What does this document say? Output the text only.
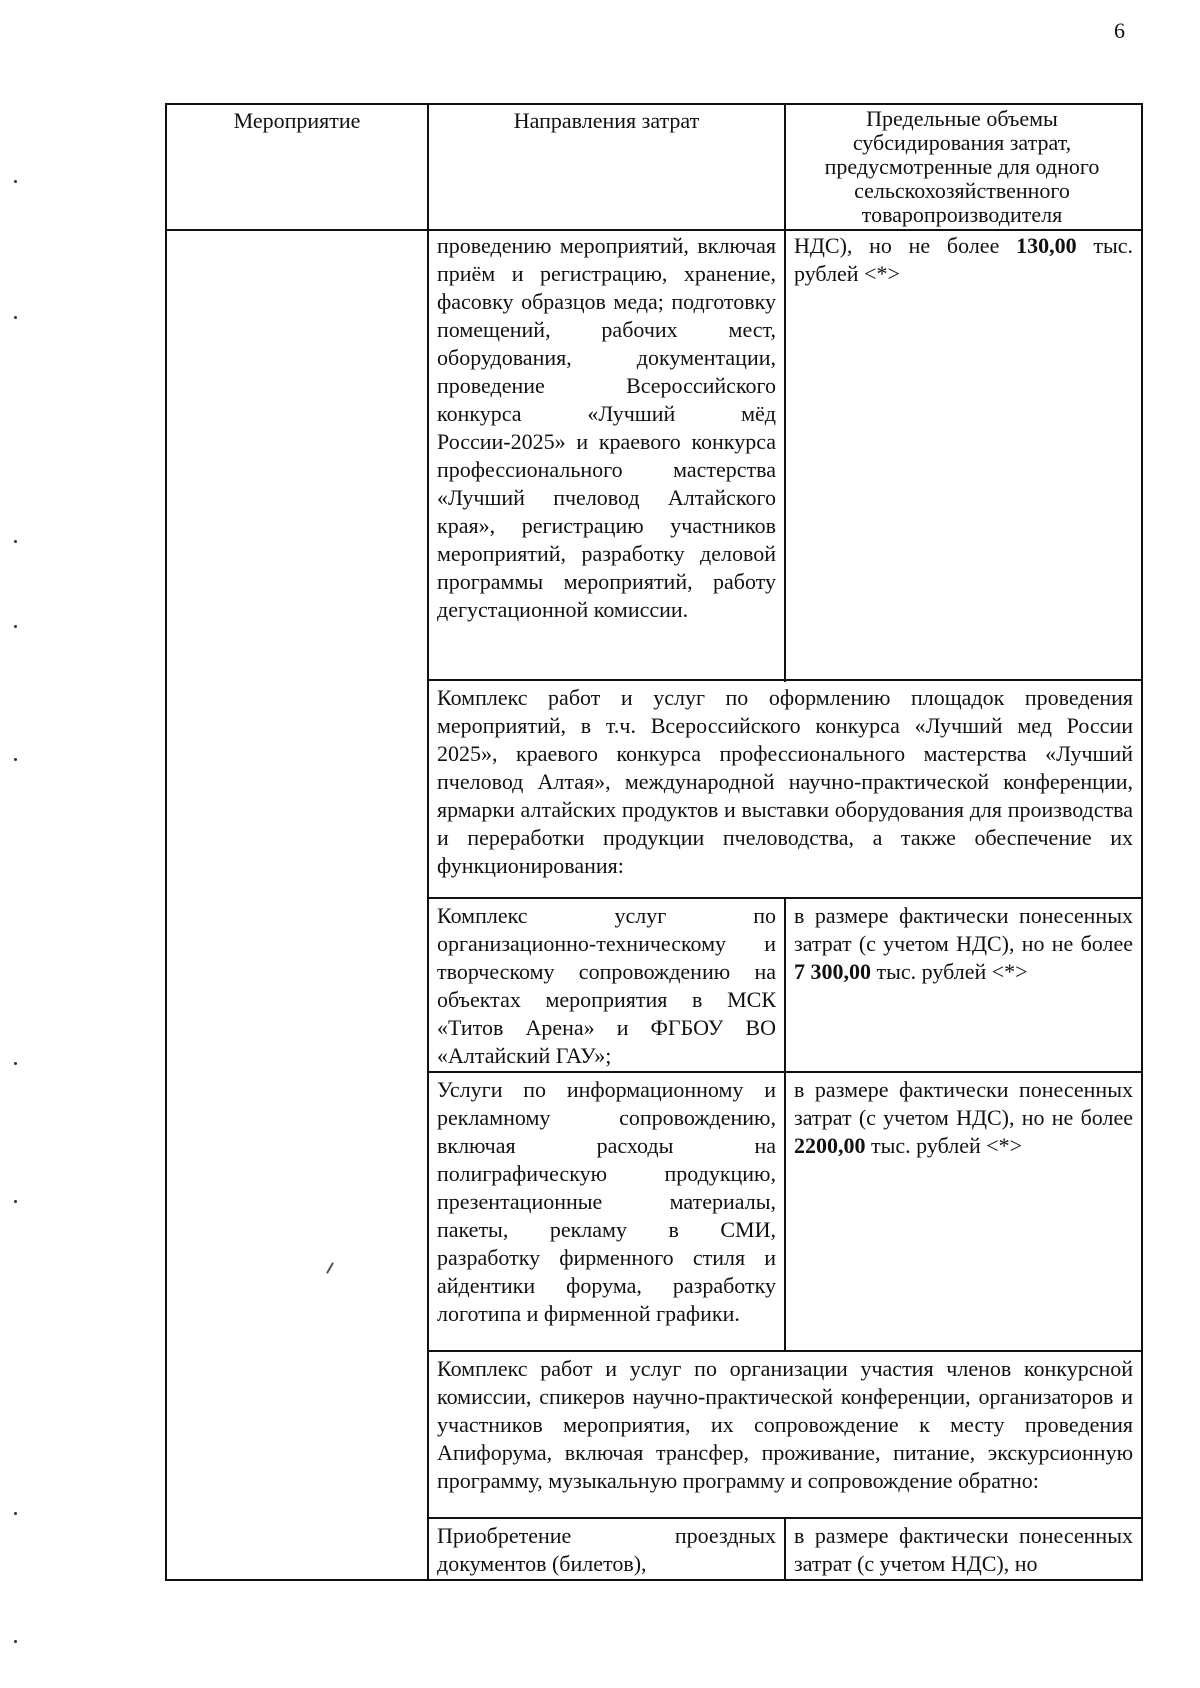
6
Мероприятие	Направления затрат	Предельные объемы субсидирования затрат, предусмотренные для одного сельскохозяйственного товаропроизводителя
проведению мероприятий, включая приём и регистрацию, хранение, фасовку образцов меда; подготовку помещений, рабочих мест, оборудования, документации, проведение Всероссийского конкурса «Лучший мёд России-2025» и краевого конкурса профессионального мастерства «Лучший пчеловод Алтайского края», регистрацию участников мероприятий, разработку деловой программы мероприятий, работу дегустационной комиссии.

НДС), но не более 130,00 тыс. рублей <*>

Комплекс работ и услуг по оформлению площадок проведения мероприятий, в т.ч. Всероссийского конкурса «Лучший мед России 2025», краевого конкурса профессионального мастерства «Лучший пчеловод Алтая», международной научно-практической конференции, ярмарки алтайских продуктов и выставки оборудования для производства и переработки продукции пчеловодства, а также обеспечение их функционирования:
Комплекс услуг по организационно-техническому и творческому сопровождению на объектах мероприятия в МСК «Титов Арена» и ФГБОУ ВО «Алтайский ГАУ»;

в размере фактически понесенных затрат (с учетом НДС), но не более 7 300,00 тыс. рублей <*>

Услуги по информационному и рекламному сопровождению, включая расходы на полиграфическую продукцию, презентационные материалы, пакеты, рекламу в СМИ, разработку фирменного стиля и айдентики форума, разработку логотипа и фирменной графики.

в размере фактически понесенных затрат (с учетом НДС), но не более 2200,00 тыс. рублей <*>

Комплекс работ и услуг по организации участия членов конкурсной комиссии, спикеров научно-практической конференции, организаторов и участников мероприятия, их сопровождение к месту проведения Апифорума, включая трансфер, проживание, питание, экскурсионную программу, музыкальную программу и сопровождение обратно:
Приобретение проездных документов (билетов),
в размере фактически понесенных затрат (с учетом НДС), но
